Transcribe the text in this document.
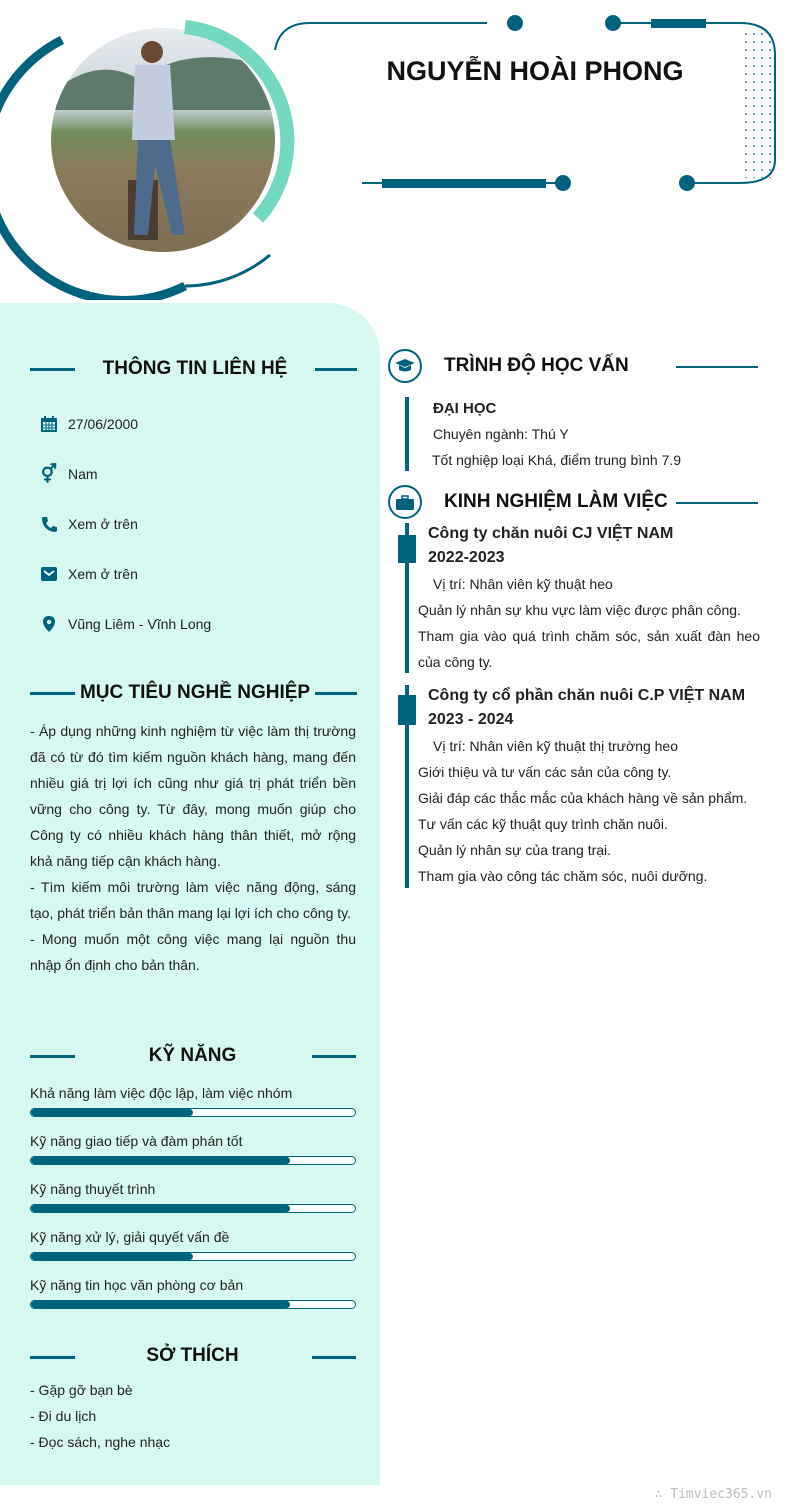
NGUYỄN HOÀI PHONG
THÔNG TIN LIÊN HỆ
27/06/2000
⚥ Nam
Xem ở trên
Xem ở trên
Vũng Liêm - Vĩnh Long
MỤC TIÊU NGHỀ NGHIỆP
- Áp dụng những kinh nghiệm từ việc làm thị trường đã có từ đó tìm kiếm nguồn khách hàng, mang đến nhiều giá trị lợi ích cũng như giá trị phát triển bền vững cho công ty. Từ đây, mong muốn giúp cho Công ty có nhiều khách hàng thân thiết, mở rộng khả năng tiếp cận khách hàng.
- Tìm kiếm môi trường làm việc năng động, sáng tạo, phát triển bản thân mang lại lợi ích cho công ty.
- Mong muốn một công việc mang lại nguồn thu nhập ổn định cho bản thân.
KỸ NĂNG
Khả năng làm việc độc lập, làm việc nhóm
Kỹ năng giao tiếp và đàm phán tốt
Kỹ năng thuyết trình
Kỹ năng xử lý, giải quyết vấn đề
Kỹ năng tin học văn phòng cơ bản
SỞ THÍCH
- Gặp gỡ bạn bè
- Đi du lịch
- Đọc sách, nghe nhạc
TRÌNH ĐỘ HỌC VẤN
ĐẠI HỌC
Chuyên ngành: Thú Y
Tốt nghiệp loại Khá, điểm trung bình 7.9
KINH NGHIỆM LÀM VIỆC
Công ty chăn nuôi CJ VIỆT NAM
2022-2023
Vị trí: Nhân viên kỹ thuật heo
Quản lý nhân sự khu vực làm việc được phân công.
Tham gia vào quá trình chăm sóc, sản xuất đàn heo của công ty.
Công ty cổ phần chăn nuôi C.P VIỆT NAM
2023 - 2024
Vị trí: Nhân viên kỹ thuật thị trường heo
Giới thiệu và tư vấn các sản của công ty.
Giải đáp các thắc mắc của khách hàng về sản phẩm.
Tư vấn các kỹ thuật quy trình chăn nuôi.
Quản lý nhân sự của trang trại.
Tham gia vào công tác chăm sóc, nuôi dưỡng.
∴ Timviec365.vn
